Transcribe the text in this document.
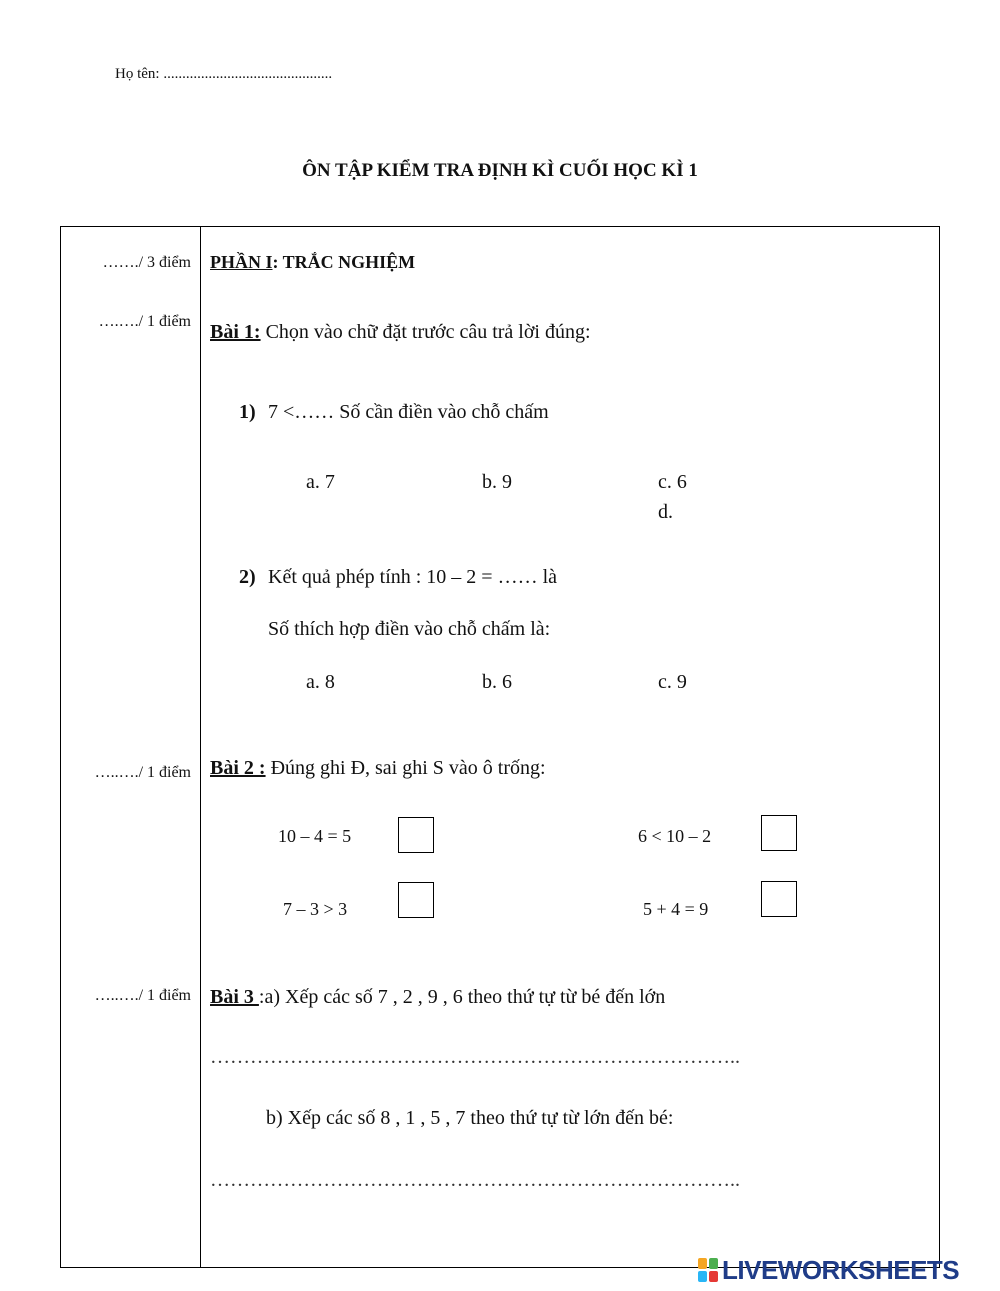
Họ tên: .............................................
ÔN TẬP KIỂM TRA ĐỊNH KÌ CUỐI HỌC KÌ 1
……./ 3 điểm
….…./ 1 điểm
…..…./ 1 điểm
…..…./ 1 điểm
PHẦN I: TRẮC NGHIỆM
Bài 1: Chọn vào chữ đặt trước câu trả lời đúng:
1) 7 <…… Số cần điền vào chỗ chấm
a. 7	b. 9	c. 6
d.
2) Kết quả phép tính : 10 – 2 = …… là
Số thích hợp điền vào chỗ chấm là:
a. 8	b. 6	c. 9
Bài 2 : Đúng ghi Đ, sai ghi S vào ô trống:
10 – 4 = 5	6 < 10 – 2
7 – 3 > 3	5 + 4 = 9
Bài 3 :a) Xếp các số 7 , 2 , 9 , 6 theo thứ tự từ bé đến lớn
……………………………………………………………………..
b) Xếp các số 8 , 1 , 5 , 7 theo thứ tự từ lớn đến bé:
……………………………………………………………………..
LIVEWORKSHEETS
